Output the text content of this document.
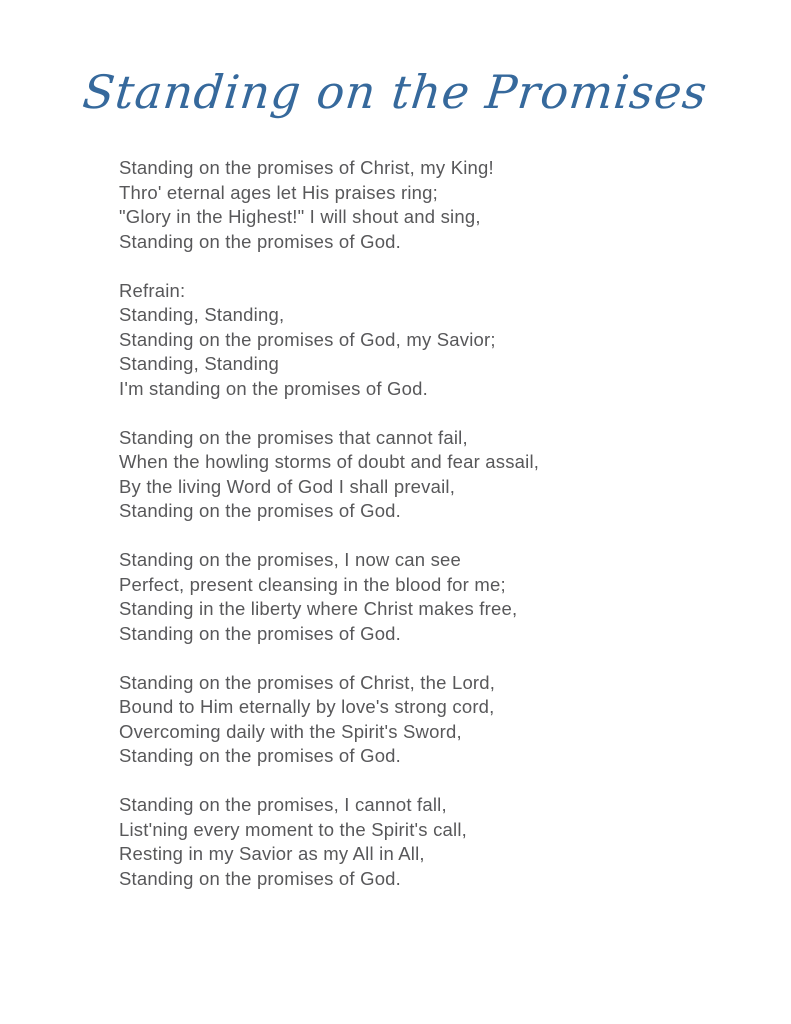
Standing on the Promises
Standing on the promises of Christ, my King!
Thro' eternal ages let His praises ring;
"Glory in the Highest!" I will shout and sing,
Standing on the promises of God.
Refrain:
Standing, Standing,
Standing on the promises of God, my Savior;
Standing, Standing
I'm standing on the promises of God.
Standing on the promises that cannot fail,
When the howling storms of doubt and fear assail,
By the living Word of God I shall prevail,
Standing on the promises of God.
Standing on the promises, I now can see
Perfect, present cleansing in the blood for me;
Standing in the liberty where Christ makes free,
Standing on the promises of God.
Standing on the promises of Christ, the Lord,
Bound to Him eternally by love's strong cord,
Overcoming daily with the Spirit's Sword,
Standing on the promises of God.
Standing on the promises, I cannot fall,
List'ning every moment to the Spirit's call,
Resting in my Savior as my All in All,
Standing on the promises of God.
